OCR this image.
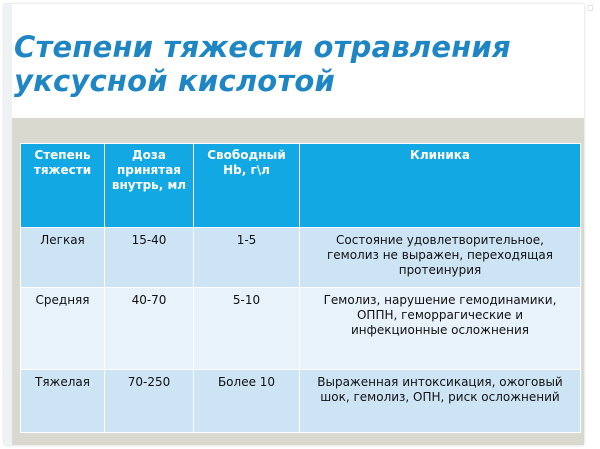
Степени тяжести отравления
уксусной кислотой
◻
Степень тяжести	Доза принятая внутрь, мл	Свободный Hb, г\л	Клиника
Легкая	15-40	1-5	Состояние удовлетворительное, гемолиз не выражен, переходящая протеинурия
Средняя	40-70	5-10	Гемолиз, нарушение гемодинамики, ОППН, геморрагические и инфекционные осложнения
Тяжелая	70-250	Более 10	Выраженная интоксикация, ожоговый шок, гемолиз, ОПН, риск осложнений
